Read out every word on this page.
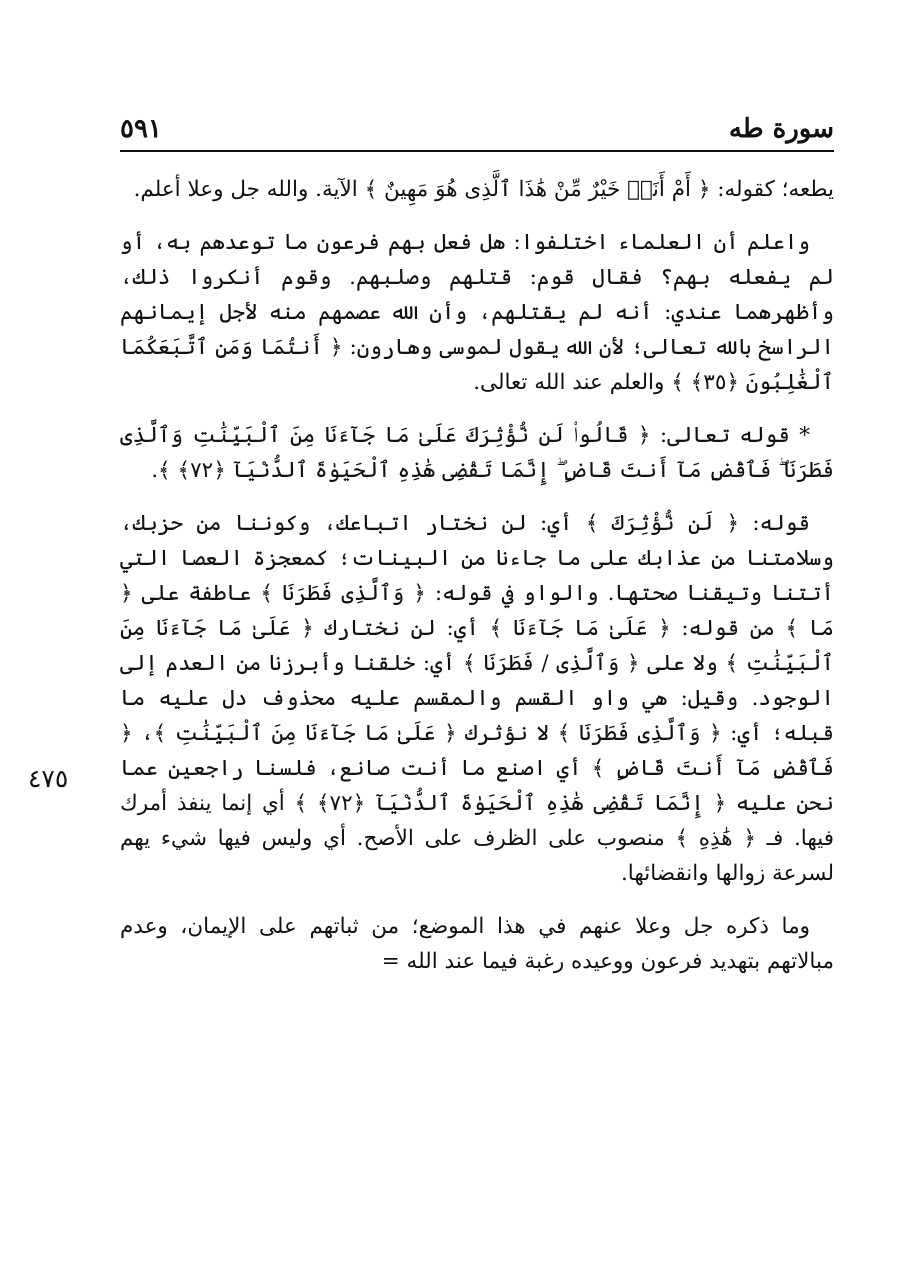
سورة طه
٥٩١
٤٧٥

يطعه؛ كقوله: ﴿ أَمْ أَنَا۠ خَيْرٌ مِّنْ هَٰذَا ٱلَّذِى هُوَ مَهِينٌ ﴾ الآية. والله جل وعلا أعلم.

واعلم أن العلماء اختلفوا: هل فعل بهم فرعون ما توعدهم به، أو لم يفعله بهم؟ فقال قوم: قتلهم وصلبهم. وقوم أنكروا ذلك، وأظهرهما عندي: أنه لم يقتلهم، وأن الله عصمهم منه لأجل إيمانهم الراسخ بالله تعالى؛ لأن الله يقول لموسى وهارون: ﴿ أَنتُمَا وَمَنِ ٱتَّبَعَكُمَا ٱلْغَٰلِبُونَ ﴿٣٥﴾ ﴾ والعلم عند الله تعالى.

* قوله تعالى: ﴿ قَالُوا۟ لَن نُّؤْثِرَكَ عَلَىٰ مَا جَآءَنَا مِنَ ٱلْبَيِّنَٰتِ وَٱلَّذِى فَطَرَنَا ۖ فَٱقْضِ مَآ أَنتَ قَاضٍ ۖ إِنَّمَا تَقْضِى هَٰذِهِ ٱلْحَيَوٰةَ ٱلدُّنْيَآ ﴿٧٢﴾ ﴾.

قوله: ﴿ لَن نُّؤْثِرَكَ ﴾ أي: لن نختار اتباعك، وكوننا من حزبك، وسلامتنا من عذابك على ما جاءنا من البينات؛ كمعجزة العصا التي أتتنا وتيقنا صحتها. والواو في قوله: ﴿ وَٱلَّذِى فَطَرَنَا ﴾ عاطفة على ﴿ مَا ﴾ من قوله: ﴿ عَلَىٰ مَا جَآءَنَا ﴾ أي: لن نختارك ﴿ عَلَىٰ مَا جَآءَنَا مِنَ ٱلْبَيِّنَٰتِ ﴾ ولا على ﴿ وَٱلَّذِى / فَطَرَنَا ﴾ أي: خلقنا وأبرزنا من العدم إلى الوجود. وقيل: هي واو القسم والمقسم عليه محذوف دل عليه ما قبله؛ أي: ﴿ وَٱلَّذِى فَطَرَنَا ﴾ لا نؤثرك ﴿ عَلَىٰ مَا جَآءَنَا مِنَ ٱلْبَيِّنَٰتِ ﴾، ﴿ فَٱقْضِ مَآ أَنتَ قَاضٍ ﴾ أي اصنع ما أنت صانع، فلسنا راجعين عما نحن عليه ﴿ إِنَّمَا تَقْضِى هَٰذِهِ ٱلْحَيَوٰةَ ٱلدُّنْيَآ ﴿٧٢﴾ ﴾ أي إنما ينفذ أمرك فيها. فـ ﴿ هَٰذِهِ ﴾ منصوب على الظرف على الأصح. أي وليس فيها شيء يهم لسرعة زوالها وانقضائها.

وما ذكره جل وعلا عنهم في هذا الموضع؛ من ثباتهم على الإيمان، وعدم مبالاتهم بتهديد فرعون ووعيده رغبة فيما عند الله =
